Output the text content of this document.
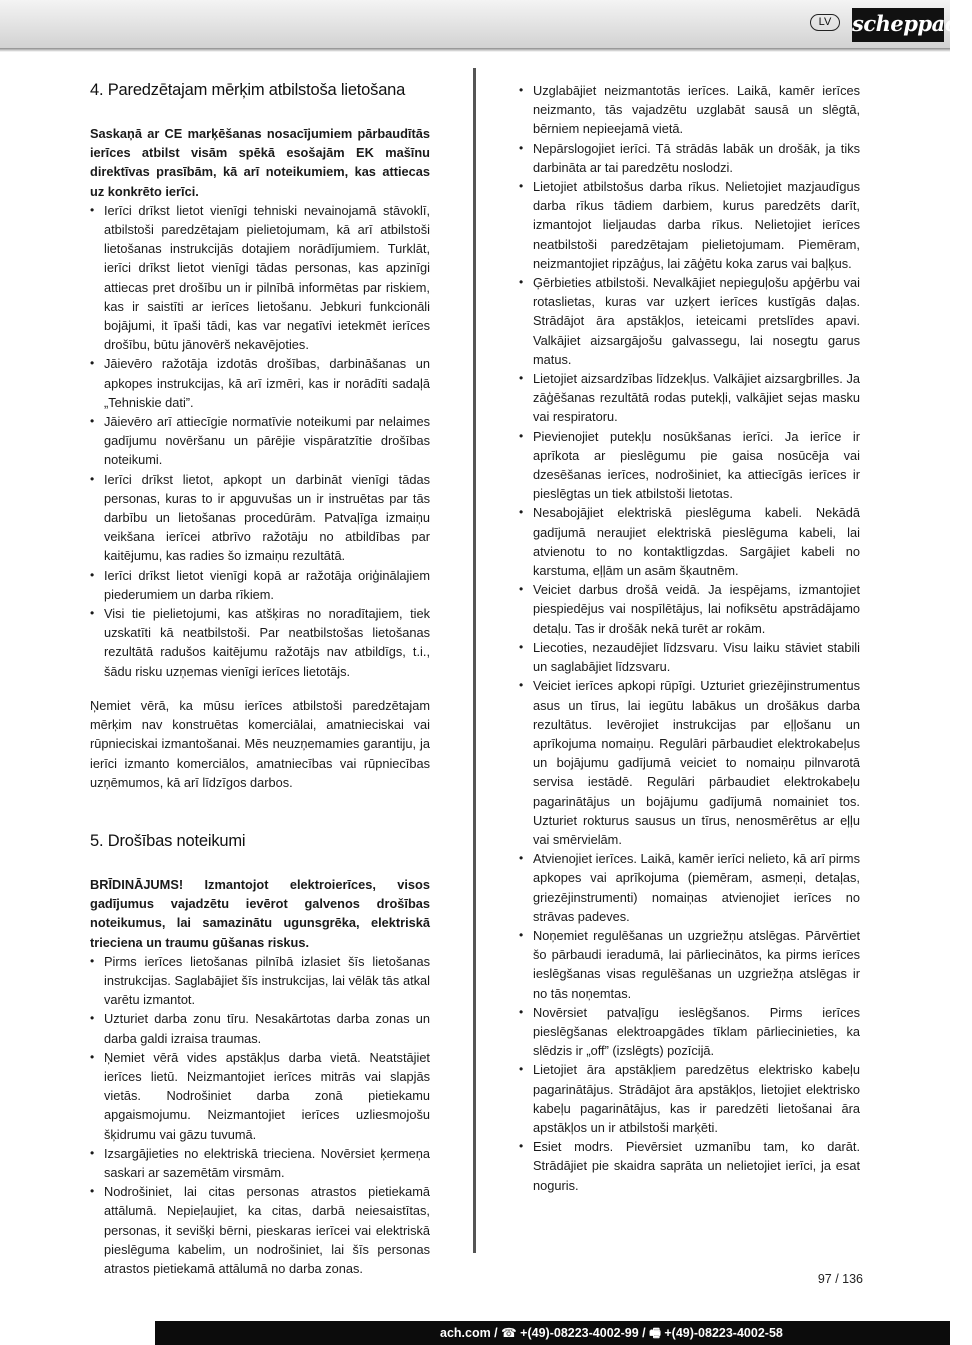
LV scheppach
4. Paredzētajam mērķim atbilstoša lietošana

Saskaņā ar CE marķēšanas nosacījumiem pārbaudītās ierīces atbilst visām spēkā esošajām EK mašīnu direktīvas prasībām, kā arī noteikumiem, kas attiecas uz konkrēto ierīci.

• Ierīci drīkst lietot vienīgi tehniski nevainojamā stāvoklī, atbilstoši paredzētajam pielietojumam, kā arī atbilstoši lietošanas instrukcijās dotajiem norādījumiem. Turklāt, ierīci drīkst lietot vienīgi tādas personas, kas apzinīgi attiecas pret drošību un ir pilnībā informētas par riskiem, kas ir saistīti ar ierīces lietošanu. Jebkuri funkcionāli bojājumi, it īpaši tādi, kas var negatīvi ietekmēt ierīces drošību, būtu jānovērš nekavējoties.
• Jāievēro ražotāja izdotās drošības, darbināšanas un apkopes instrukcijas, kā arī izmēri, kas ir norādīti sadaļā „Tehniskie dati”.
• Jāievēro arī attiecīgie normatīvie noteikumi par nelaimes gadījumu novēršanu un pārējie vispāratzītie drošības noteikumi.
• Ierīci drīkst lietot, apkopt un darbināt vienīgi tādas personas, kuras to ir apguvušas un ir instruētas par tās darbību un lietošanas procedūrām. Patvaļīga izmaiņu veikšana ierīcei atbrīvo ražotāju no atbildības par kaitējumu, kas radies šo izmaiņu rezultātā.
• Ierīci drīkst lietot vienīgi kopā ar ražotāja oriģinālajiem piederumiem un darba rīkiem.
• Visi tie pielietojumi, kas atšķiras no noradītajiem, tiek uzskatīti kā neatbilstoši. Par neatbilstošas lietošanas rezultātā radušos kaitējumu ražotājs nav atbildīgs, t.i., šādu risku uzņemas vienīgi ierīces lietotājs.

Ņemiet vērā, ka mūsu ierīces atbilstoši paredzētajam mērķim nav konstruētas komerciālai, amatnieciskai vai rūpnieciskai izmantošanai. Mēs neuzņemamies garantiju, ja ierīci izmanto komerciālos, amatniecības vai rūpniecības uzņēmumos, kā arī līdzīgos darbos.

5. Drošības noteikumi

BRĪDINĀJUMS! Izmantojot elektroierīces, visos gadījumus vajadzētu ievērot galvenos drošības noteikumus, lai samazinātu ugunsgrēka, elektriskā trieciena un traumu gūšanas riskus.

• Pirms ierīces lietošanas pilnībā izlasiet šīs lietošanas instrukcijas. Saglabājiet šīs instrukcijas, lai vēlāk tās atkal varētu izmantot.
• Uzturiet darba zonu tīru. Nesakārtotas darba zonas un darba galdi izraisa traumas.
• Ņemiet vērā vides apstākļus darba vietā. Neatstājiet ierīces lietū. Neizmantojiet ierīces mitrās vai slapjās vietās. Nodrošiniet darba zonā pietiekamu apgaismojumu. Neizmantojiet ierīces uzliesmojošu šķidrumu vai gāzu tuvumā.
• Izsargājieties no elektriskā trieciena. Novērsiet ķermeņa saskari ar sazemētām virsmām.
• Nodrošiniet, lai citas personas atrastos pietiekamā attālumā. Nepieļaujiet, ka citas, darbā neiesaistītas, personas, it sevišķi bērni, pieskaras ierīcei vai elektriskā pieslēguma kabelim, un nodrošiniet, lai šīs personas atrastos pietiekamā attālumā no darba zonas.
• Uzglabājiet neizmantotās ierīces. Laikā, kamēr ierīces neizmanto, tās vajadzētu uzglabāt sausā un slēgtā, bērniem nepieejamā vietā.
• Nepārslogojiet ierīci. Tā strādās labāk un drošāk, ja tiks darbināta ar tai paredzētu noslodzi.
• Lietojiet atbilstošus darba rīkus. Nelietojiet mazjaudīgus darba rīkus tādiem darbiem, kurus paredzēts darīt, izmantojot lieljaudas darba rīkus. Nelietojiet ierīces neatbilstoši paredzētajam pielietojumam. Piemēram, neizmantojiet ripzāģus, lai zāģētu koka zarus vai baļķus.
• Ģērbieties atbilstoši. Nevalkājiet nepieguļošu apģērbu vai rotaslietas, kuras var uzķert ierīces kustīgās daļas. Strādājot āra apstākļos, ieteicami pretslīdes apavi. Valkājiet aizsargājošu galvassegu, lai nosegtu garus matus.
• Lietojiet aizsardzības līdzekļus. Valkājiet aizsargbrilles. Ja zāģēšanas rezultātā rodas putekļi, valkājiet sejas masku vai respiratoru.
• Pievienojiet putekļu nosūkšanas ierīci. Ja ierīce ir aprīkota ar pieslēgumu pie gaisa nosūcēja vai dzesēšanas ierīces, nodrošiniet, ka attiecīgās ierīces ir pieslēgtas un tiek atbilstoši lietotas.
• Nesabojājiet elektriskā pieslēguma kabeli. Nekādā gadījumā neraujiet elektriskā pieslēguma kabeli, lai atvienotu to no kontaktligzdas. Sargājiet kabeli no karstuma, eļļām un asām šķautnēm.
• Veiciet darbus drošā veidā. Ja iespējams, izmantojiet piespiedējus vai nospīlētājus, lai nofiksētu apstrādājamo detaļu. Tas ir drošāk nekā turēt ar rokām.
• Liecoties, nezaudējiet līdzsvaru. Visu laiku stāviet stabili un saglabājiet līdzsvaru.
• Veiciet ierīces apkopi rūpīgi. Uzturiet griezējinstrumentus asus un tīrus, lai iegūtu labākus un drošākus darba rezultātus. Ievērojiet instrukcijas par eļļošanu un aprīkojuma nomaiņu. Regulāri pārbaudiet elektrokabeļus un bojājumu gadījumā veiciet to nomaiņu pilnvarotā servisa iestādē. Regulāri pārbaudiet elektrokabeļu pagarinātājus un bojājumu gadījumā nomainiet tos. Uzturiet rokturus sausus un tīrus, nenosmērētus ar eļļu vai smērvielām.
• Atvienojiet ierīces. Laikā, kamēr ierīci nelieto, kā arī pirms apkopes vai aprīkojuma (piemēram, asmeņi, detaļas, griezējinstrumenti) nomaiņas atvienojiet ierīces no strāvas padeves.
• Noņemiet regulēšanas un uzgriežņu atslēgas. Pārvērtiet šo pārbaudi ieradumā, lai pārliecinātos, ka pirms ierīces ieslēgšanas visas regulēšanas un uzgriežņa atslēgas ir no tās noņemtas.
• Novērsiet patvaļīgu ieslēgšanos. Pirms ierīces pieslēgšanas elektroapgādes tīklam pārliecinieties, ka slēdzis ir „off” (izslēgts) pozīcijā.
• Lietojiet āra apstākļiem paredzētus elektrisko kabeļu pagarinātājus. Strādājot āra apstākļos, lietojiet elektrisko kabeļu pagarinātājus, kas ir paredzēti lietošanai āra apstākļos un ir atbilstoši marķēti.
• Esiet modrs. Pievērsiet uzmanību tam, ko darāt. Strādājiet pie skaidra saprāta un nelietojiet ierīci, ja esat noguris.
97 / 136
ach.com / ☎ +(49)-08223-4002-99 / 🖷 +(49)-08223-4002-58
